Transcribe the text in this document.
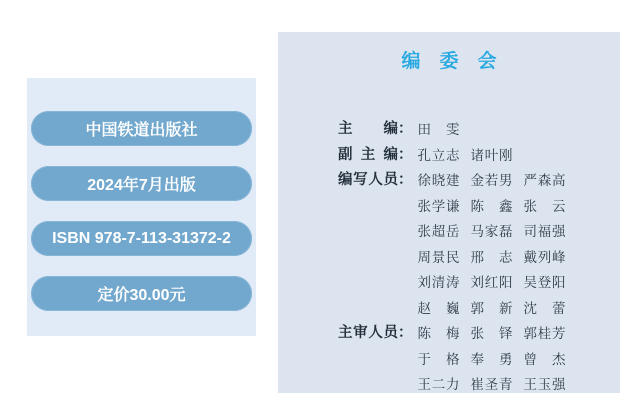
中国铁道出版社
2024年7月出版
ISBN 978-7-113-31372-2
定价30.00元
编　委　会
主编 ： 田雯
副主编 ： 孔立志 诸叶刚
编写人员 ： 徐晓建 金若男 严森高
张学谦 陈鑫 张云
张超岳 马家磊 司福强
周景民 邢志 戴列峰
刘清涛 刘红阳 吴登阳
赵巍 郭新 沈蕾
主审人员 ： 陈梅 张铎 郭桂芳
于格 奉勇 曾杰
王二力 崔圣青 王玉强
